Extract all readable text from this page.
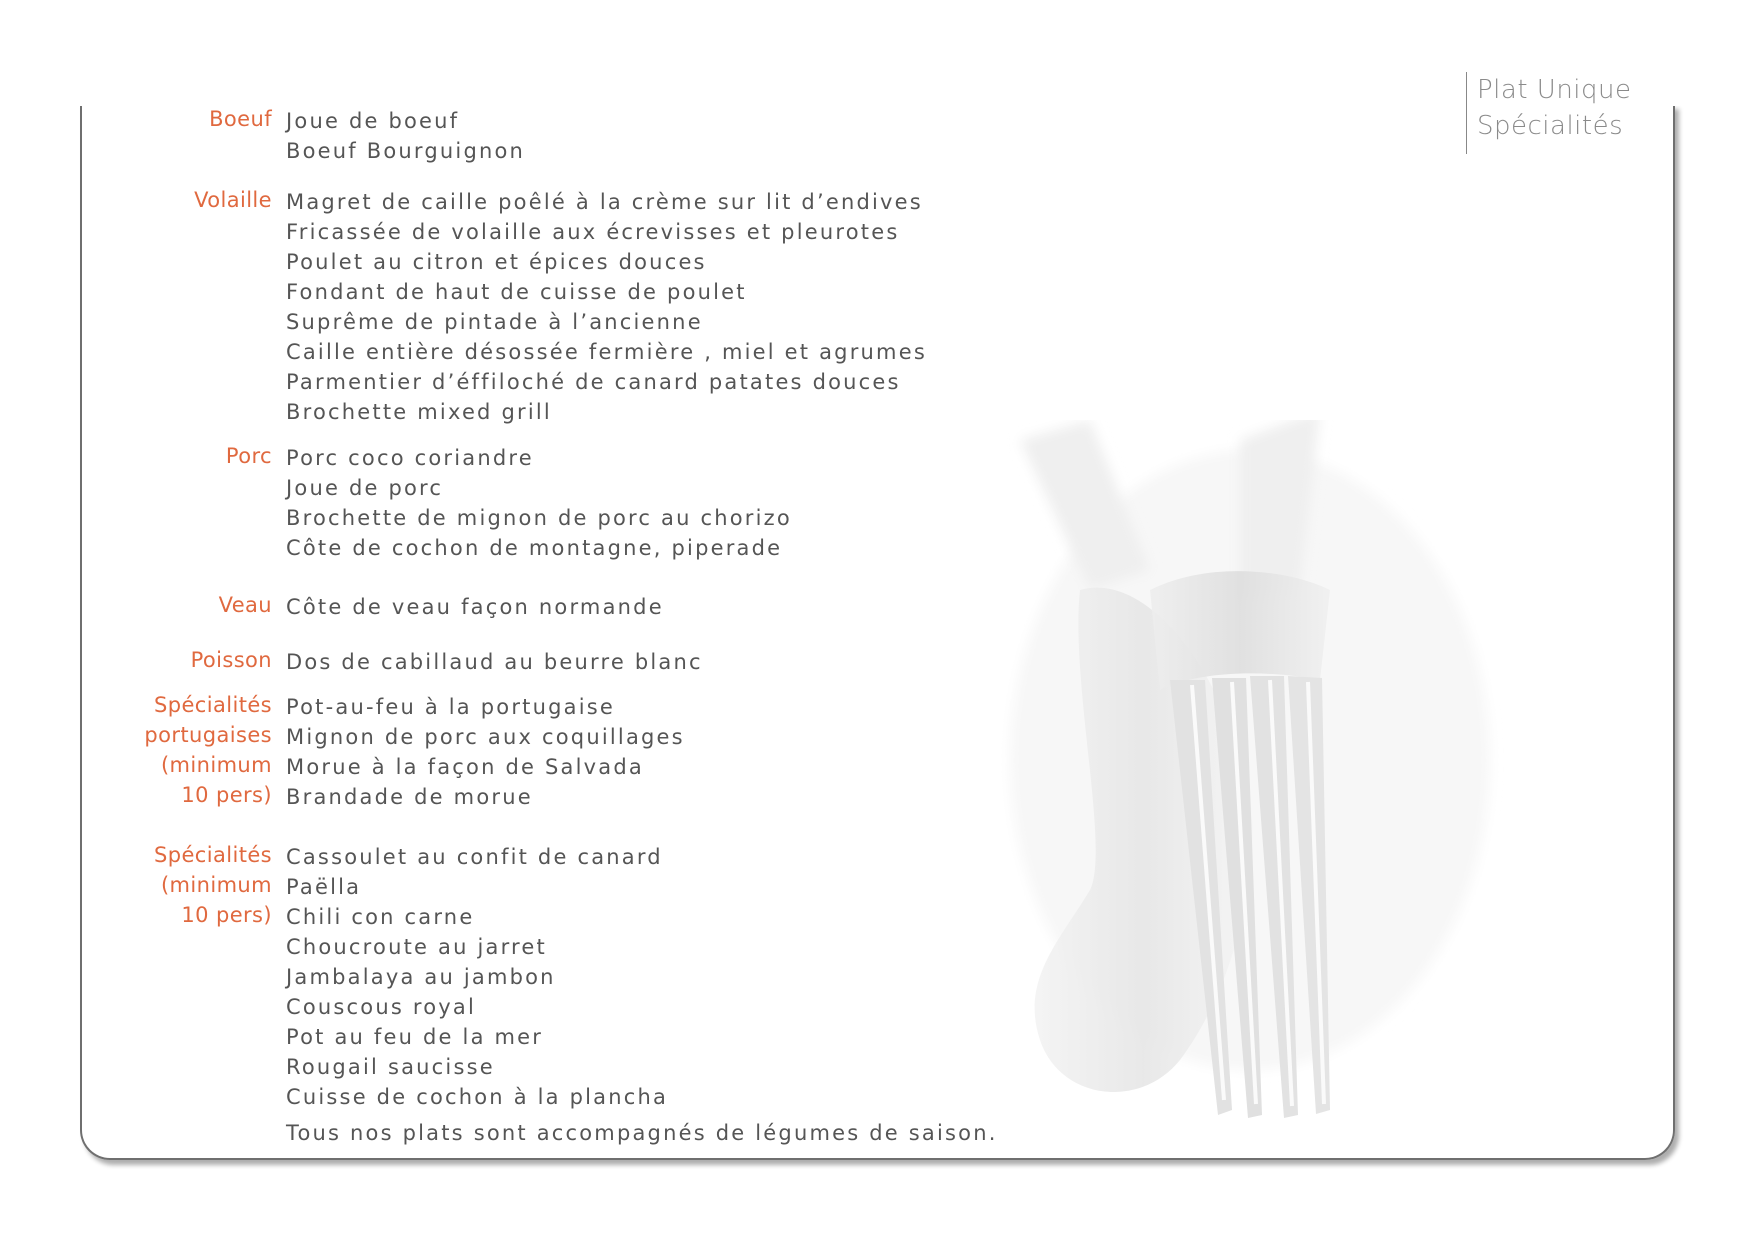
Plat Unique
Spécialités

Boeuf Joue de boeuf
Boeuf Bourguignon

Volaille Magret de caille poêlé à la crème sur lit d’endives
Fricassée de volaille aux écrevisses et pleurotes
Poulet au citron et épices douces
Fondant de haut de cuisse de poulet
Suprême de pintade à l’ancienne
Caille entière désossée fermière , miel et agrumes
Parmentier d’éffiloché de canard patates douces
Brochette mixed grill

Porc Porc coco coriandre
Joue de porc
Brochette de mignon de porc au chorizo
Côte de cochon de montagne, piperade

Veau Côte de veau façon normande

Poisson Dos de cabillaud au beurre blanc

Spécialités
portugaises
(minimum
10 pers)

Pot-au-feu à la portugaise
Mignon de porc aux coquillages
Morue à la façon de Salvada
Brandade de morue

Spécialités
(minimum
10 pers)

Cassoulet au confit de canard
Paëlla
Chili con carne
Choucroute au jarret
Jambalaya au jambon
Couscous royal
Pot au feu de la mer
Rougail saucisse
Cuisse de cochon à la plancha
Tous nos plats sont accompagnés de légumes de saison.
